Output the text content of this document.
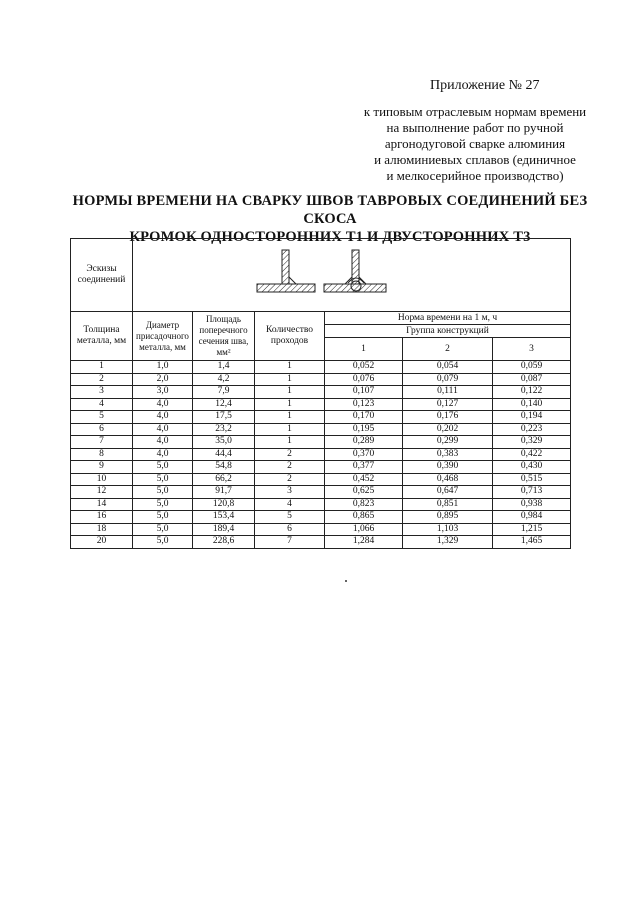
Приложение № 27
к типовым отраслевым нормам времени
на выполнение работ по ручной
аргонодуговой сварке алюминия
и алюминиевых сплавов (единичное
и мелкосерийное производство)
НОРМЫ ВРЕМЕНИ НА СВАРКУ ШВОВ ТАВРОВЫХ СОЕДИНЕНИЙ БЕЗ СКОСА
КРОМОК ОДНОСТОРОННИХ Т1 И ДВУСТОРОННИХ Т3
Эскизы соединений	
Толщина металла, мм	Диаметр присадочного металла, мм	Площадь поперечного сечения шва, мм²	Количество проходов	Норма времени на 1 м, ч		
				Группа конструкций		
				1	2	3
1	1,0	1,4	1	0,052	0,054	0,059
2	2,0	4,2	1	0,076	0,079	0,087
3	3,0	7,9	1	0,107	0,111	0,122
4	4,0	12,4	1	0,123	0,127	0,140
5	4,0	17,5	1	0,170	0,176	0,194
6	4,0	23,2	1	0,195	0,202	0,223
7	4,0	35,0	1	0,289	0,299	0,329
8	4,0	44,4	2	0,370	0,383	0,422
9	5,0	54,8	2	0,377	0,390	0,430
10	5,0	66,2	2	0,452	0,468	0,515
12	5,0	91,7	3	0,625	0,647	0,713
14	5,0	120,8	4	0,823	0,851	0,938
16	5,0	153,4	5	0,865	0,895	0,984
18	5,0	189,4	6	1,066	1,103	1,215
20	5,0	228,6	7	1,284	1,329	1,465
